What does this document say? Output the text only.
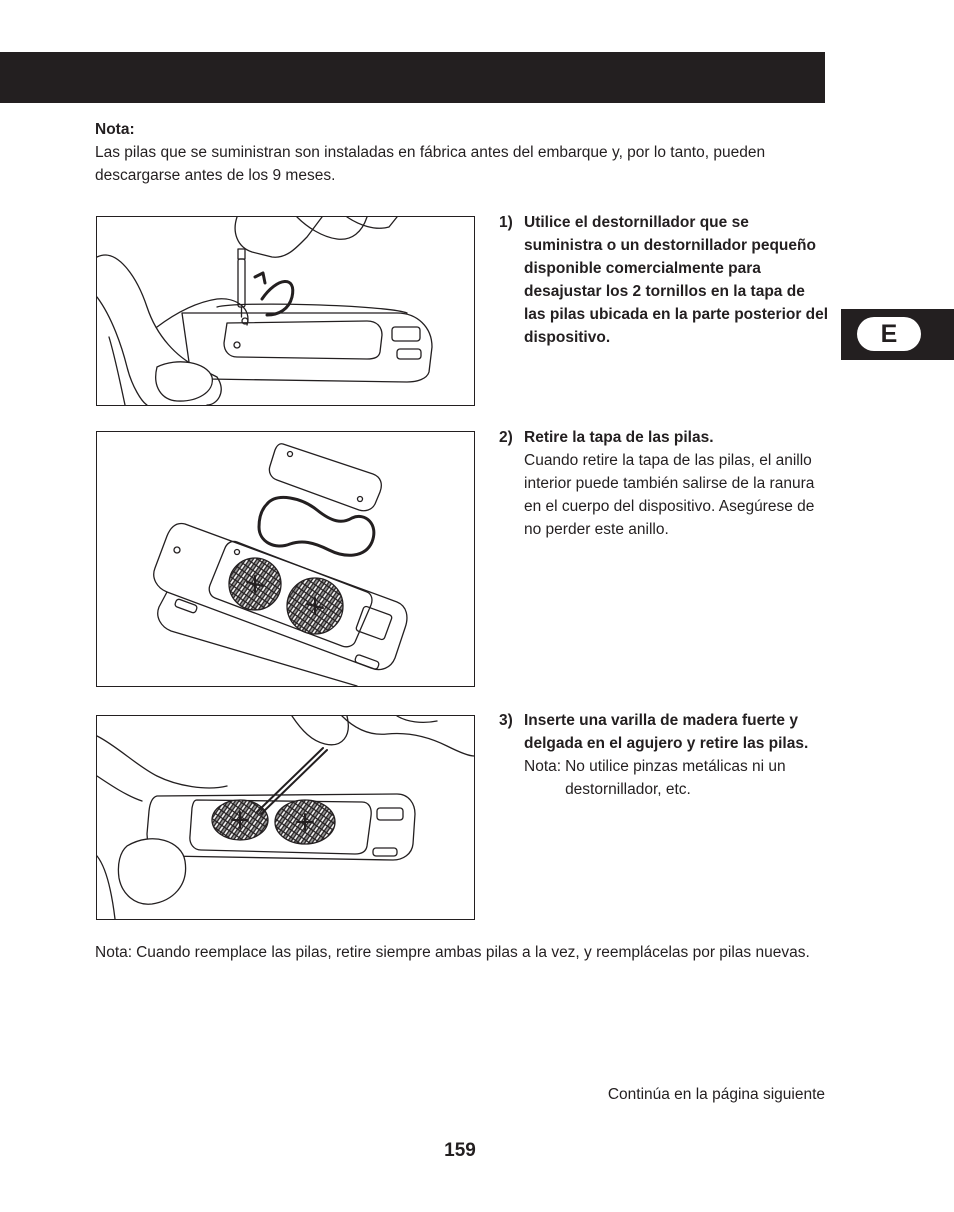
E
Nota:
Las pilas que se suministran son instaladas en fábrica antes del embarque y, por lo tanto, pueden descargarse antes de los 9 meses.
1) Utilice el destornillador que se suministra o un destornillador pequeño disponible comercialmente para desajustar los 2 tornillos en la tapa de las pilas ubicada en la parte posterior del dispositivo.
2) Retire la tapa de las pilas.
Cuando retire la tapa de las pilas, el anillo interior puede también salirse de la ranura en el cuerpo del dispositivo. Asegúrese de no perder este anillo.
3) Inserte una varilla de madera fuerte y delgada en el agujero y retire las pilas.
Nota: No utilice pinzas metálicas ni un destornillador, etc.
Nota: Cuando reemplace las pilas, retire siempre ambas pilas a la vez, y reemplácelas por pilas nuevas.
Continúa en la página siguiente
159
